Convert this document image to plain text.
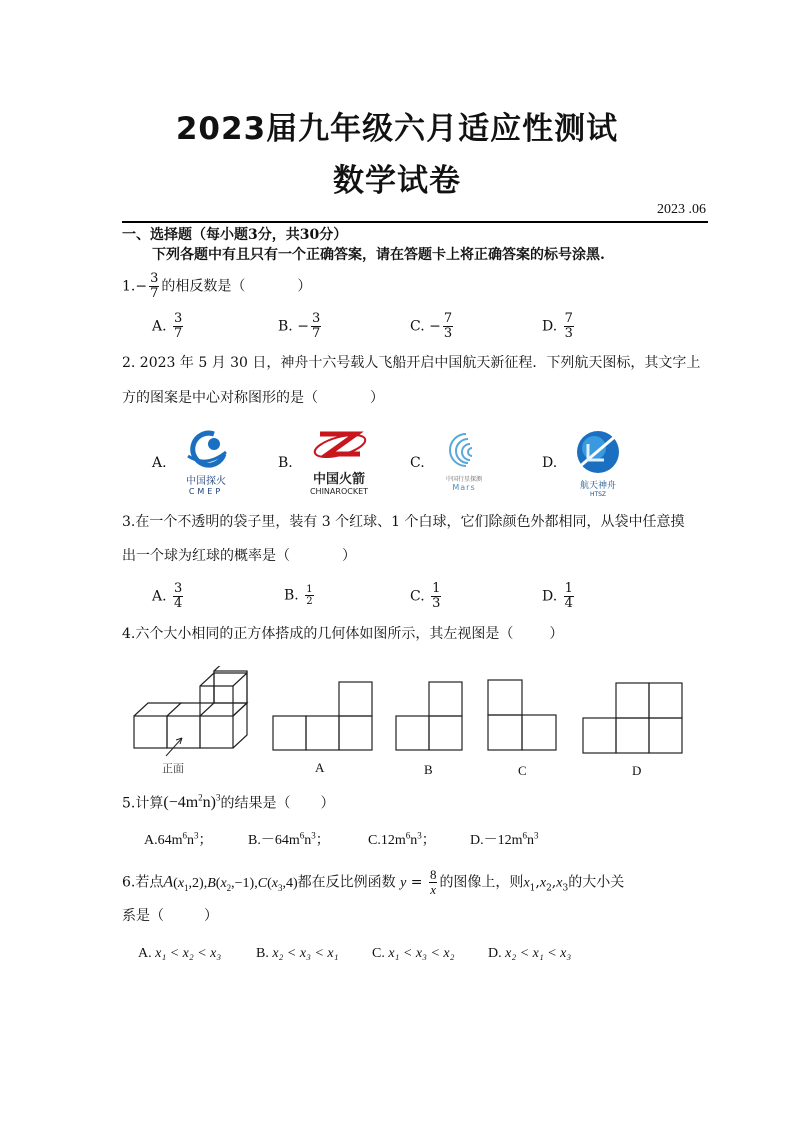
2023届九年级六月适应性测试
数学试卷
2023 .06
一、选择题（每小题3分，共30分）
下列各题中有且只有一个正确答案，请在答题卡上将正确答案的标号涂黑.
$1.- \frac{3}{7}$ 的相反数是（	）
A. $\frac{3}{7}$	B. − $\frac{3}{7}$	C. − $\frac{7}{3}$	D. $\frac{7}{3}$
2. 2023 年 5 月 30 日，神舟十六号载人飞船开启中国航天新征程．下列航天图标，其文字上
方的图案是中心对称图形的是（	）
A.	B.	C.	D.
中国探火
CMEP
中国火箭
CHINAROCKET
中国行星探测
Mars	航天神舟
HTSZ
3.在一个不透明的袋子里，装有 3 个红球、1 个白球，它们除颜色外都相同，从袋中任意摸
出一个球为红球的概率是（	）
A. $\frac{3}{4}$	B. $\frac{1}{2}$	C. $\frac{1}{3}$	D. $\frac{1}{4}$
4.六个大小相同的正方体搭成的几何体如图所示，其左视图是（	）
正面	A	B	C	D
5.计算$(-4m^2n)^3$的结果是（ ）
$A.64m^6n^3$；	$B.-64m^6n^3$；	$C.12m^6n^3$； $D.-12m^6n^3$
6.若点$A(x_1,2),B(x_2,-1),C(x_3,4)$都在反比例函数 $y = \frac{8}{x}$ 的图像上，则$x_1,x_2,x_3$的大小关
系是（	）
A. x₁ < x₂ < x₃ B. x₂ < x₃ < x₁ C. x₁ < x₃ < x₂ D. x₂ < x₁ < x₃
